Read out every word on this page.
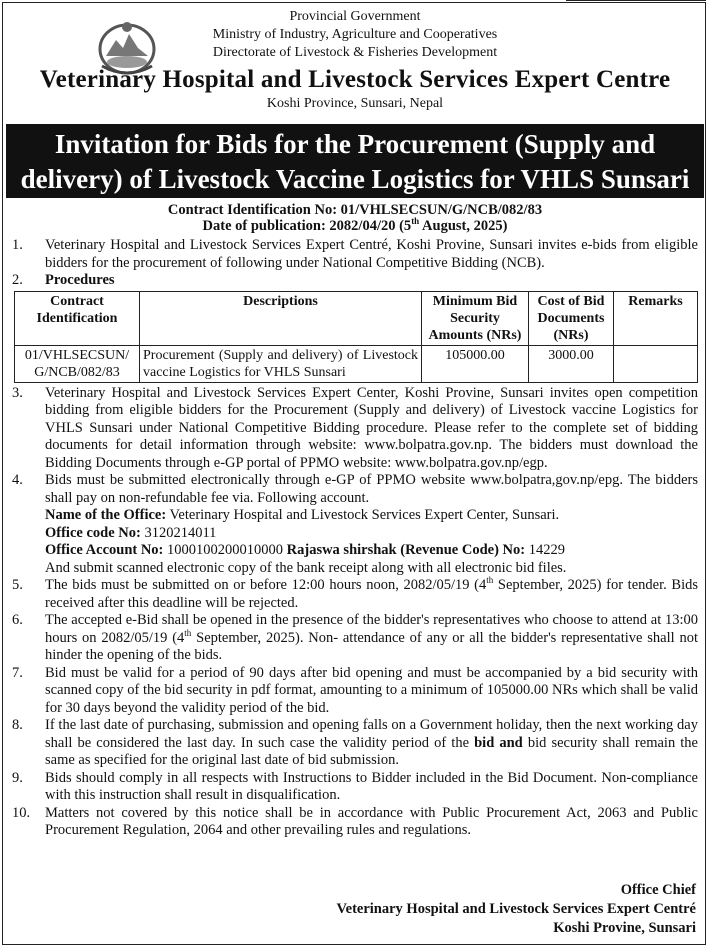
Provincial Government
Ministry of Industry, Agriculture and Cooperatives
Directorate of Livestock & Fisheries Development
Veterinary Hospital and Livestock Services Expert Centre
Koshi Province, Sunsari, Nepal
Invitation for Bids for the Procurement (Supply and
delivery) of Livestock Vaccine Logistics for VHLS Sunsari
Contract Identification No: 01/VHLSECSUN/G/NCB/082/83
Date of publication: 2082/04/20 (5th August, 2025)
1. Veterinary Hospital and Livestock Services Expert Centré, Koshi Provine, Sunsari invites e-bids from eligible bidders for the procurement of following under National Competitive Bidding (NCB).
2. Procedures
Contract Identification	Descriptions	Minimum Bid Security Amounts (NRs)	Cost of Bid Documents (NRs)	Remarks
01/VHLSECSUN/ G/NCB/082/83	Procurement (Supply and delivery) of Livestock vaccine Logistics for VHLS Sunsari	105000.00	3000.00	
3. Veterinary Hospital and Livestock Services Expert Center, Koshi Provine, Sunsari invites open competition bidding from eligible bidders for the Procurement (Supply and delivery) of Livestock vaccine Logistics for VHLS Sunsari under National Competitive Bidding procedure. Please refer to the complete set of bidding documents for detail information through website: www.bolpatra.gov.np. The bidders must download the Bidding Documents through e-GP portal of PPMO website: www.bolpatra.gov.np/egp.
4. Bids must be submitted electronically through e-GP of PPMO website www.bolpatra,gov.np/epg. The bidders shall pay on non-refundable fee via. Following account.
Name of the Office: Veterinary Hospital and Livestock Services Expert Center, Sunsari.
Office code No: 3120214011
Office Account No: 1000100200010000 Rajaswa shirshak (Revenue Code) No: 14229
And submit scanned electronic copy of the bank receipt along with all electronic bid files.
5. The bids must be submitted on or before 12:00 hours noon, 2082/05/19 (4th September, 2025) for tender. Bids received after this deadline will be rejected.
6. The accepted e-Bid shall be opened in the presence of the bidder's representatives who choose to attend at 13:00 hours on 2082/05/19 (4th September, 2025). Non- attendance of any or all the bidder's representative shall not hinder the opening of the bids.
7. Bid must be valid for a period of 90 days after bid opening and must be accompanied by a bid security with scanned copy of the bid security in pdf format, amounting to a minimum of 105000.00 NRs which shall be valid for 30 days beyond the validity period of the bid.
8. If the last date of purchasing, submission and opening falls on a Government holiday, then the next working day shall be considered the last day. In such case the validity period of the bid and bid security shall remain the same as specified for the original last date of bid submission.
9. Bids should comply in all respects with Instructions to Bidder included in the Bid Document. Non-compliance with this instruction shall result in disqualification.
10. Matters not covered by this notice shall be in accordance with Public Procurement Act, 2063 and Public Procurement Regulation, 2064 and other prevailing rules and regulations.
Office Chief
Veterinary Hospital and Livestock Services Expert Centré
Koshi Provine, Sunsari
